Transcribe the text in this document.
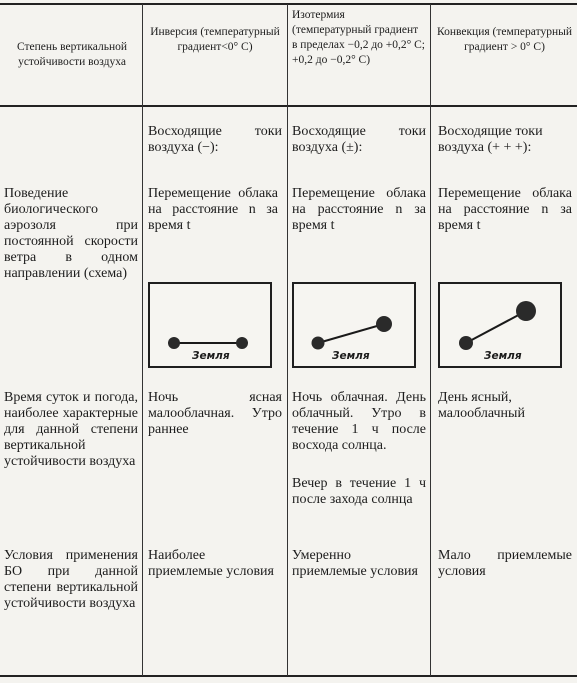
Степень вертикальной устойчивости воздуха
Инверсия (температурный градиент<0° С)
Изотермия (температурный градиент в пределах −0,2 до +0,2° С; +0,2 до −0,2° С)
Конвекция (температурный градиент > 0° С)
Восходящие токи воздуха (−):
Восходящие токи воздуха (±):
Восходящие токи воздуха (+ + +):
Поведение биологического аэрозоля при постоянной скорости ветра в одном направлении (схема)
Перемещение облака на расстояние n за время t
Перемещение облака на расстояние n за время t
Перемещение облака на расстояние n за время t
Земля	Земля	Земля
Время суток и погода, наиболее характерные для данной степени вертикальной устойчивости воздуха
Ночь ясная малооблачная. Утро раннее
Ночь облачная. День облачный. Утро в течение 1 ч после восхода солнца.
Вечер в течение 1 ч после захода солнца
День ясный, малооблачный
Условия применения БО при данной степени вертикальной устойчивости воздуха
Наиболее приемлемые условия
Умеренно приемлемые условия
Мало приемлемые условия
